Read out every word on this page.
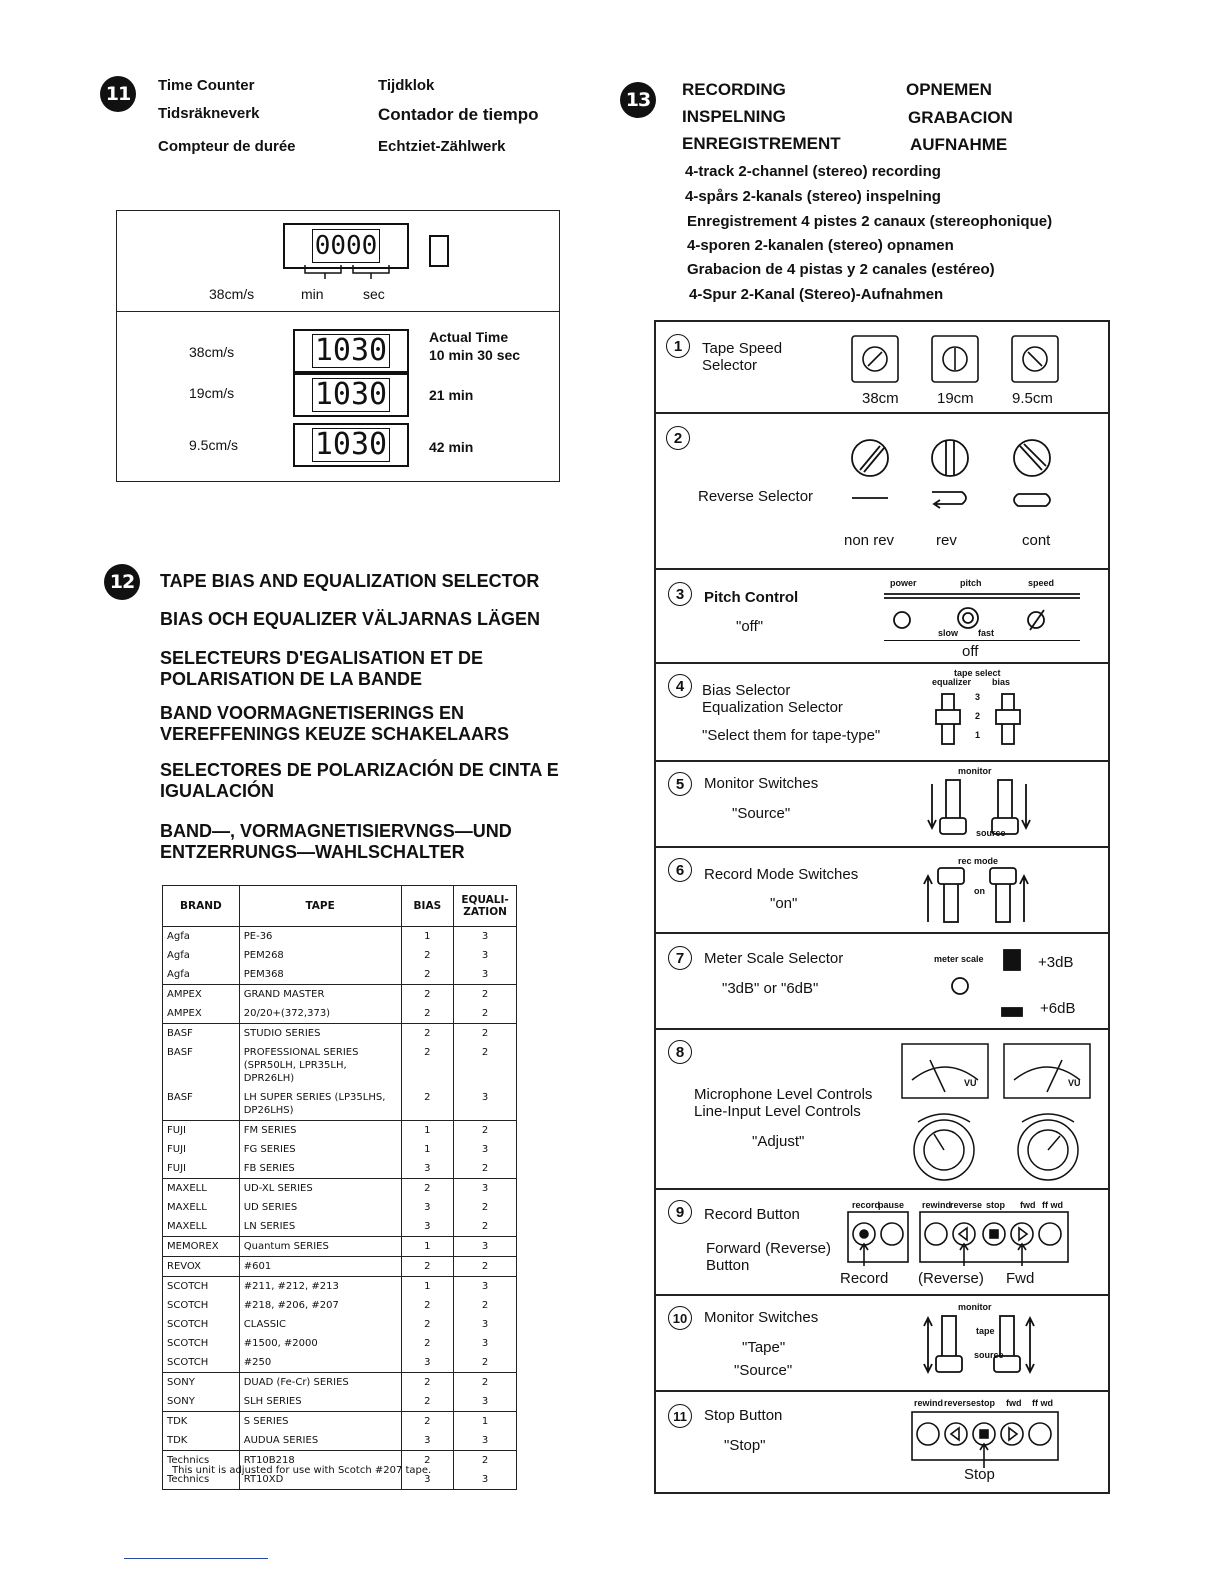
11	Time Counter
Tidsräkneverk
Compteur de durée
Tijdklok
Contador de tiempo
Echtziet-Zählwerk
0000
38cm/s	min	sec
38cm/s	1030	Actual Time
10 min 30 sec
19cm/s	1030	21 min
9.5cm/s	1030	42 min
12	TAPE BIAS AND EQUALIZATION SELECTOR
BIAS OCH EQUALIZER VÄLJARNAS LÄGEN
SELECTEURS D'EGALISATION ET DE POLARISATION DE LA BANDE
BAND VOORMAGNETISERINGS EN VEREFFENINGS KEUZE SCHAKELAARS
SELECTORES DE POLARIZACIÓN DE CINTA E IGUALACIÓN
BAND—, VORMAGNETISIERVNGS—UND ENTZERRUNGS—WAHLSCHALTER
BRAND	TAPE	BIAS	EQUALI-ZATION
Agfa	PE-36	1	3
Agfa	PEM268	2	3
Agfa	PEM368	2	3
AMPEX	GRAND MASTER	2	2
AMPEX	20/20+(372,373)	2	2
BASF	STUDIO SERIES	2	2
BASF	PROFESSIONAL SERIES (SPR50LH, LPR35LH, DPR26LH)	2	2
BASF	LH SUPER SERIES (LP35LHS, DP26LHS)	2	3
FUJI	FM SERIES	1	2
FUJI	FG SERIES	1	3
FUJI	FB SERIES	3	2
MAXELL	UD-XL SERIES	2	3
MAXELL	UD SERIES	3	2
MAXELL	LN SERIES	3	2
MEMOREX	Quantum SERIES	1	3
REVOX	#601	2	2
SCOTCH	#211, #212, #213	1	3
SCOTCH	#218, #206, #207	2	2
SCOTCH	CLASSIC	2	3
SCOTCH	#1500, #2000	2	3
SCOTCH	#250	3	2
SONY	DUAD (Fe-Cr) SERIES	2	2
SONY	SLH SERIES	2	3
TDK	S SERIES	2	1
TDK	AUDUA SERIES	3	3
Technics	RT10B218	2	2
Technics	RT10XD	3	3
This unit is adjusted for use with Scotch #207 tape.
13	RECORDING	OPNEMEN
INSPELNING	GRABACION
ENREGISTREMENT	AUFNAHME
4-track 2-channel (stereo) recording
4-spårs 2-kanals (stereo) inspelning
Enregistrement 4 pistes 2 canaux (stereophonique)
4-sporen 2-kanalen (stereo) opnamen
Grabacion de 4 pistas y 2 canales (estéreo)
4-Spur 2-Kanal (Stereo)-Aufnahmen
1	Tape Speed
Selector
38cm	19cm	9.5cm
2
Reverse Selector
non rev	rev	cont
3	Pitch Control
"off"
power	pitch	speed
slow fast
off
4	Bias Selector
Equalization Selector
"Select them for tape-type"
tape select
equalizer bias
3
2
1
5	Monitor Switches
"Source"
monitor
source
6	Record Mode Switches
"on"
rec mode
on
7	Meter Scale Selector
"3dB" or "6dB"
meter scale	+3dB
+6dB
8
Microphone Level Controls
Line-Input Level Controls
"Adjust"
VU	VU
9	Record Button
Forward (Reverse)
Button
record
pause rewind
reverse stop fwd ff wd
Record (Reverse) Fwd
10	Monitor Switches
"Tape"
"Source"
monitor
tape
source
11	Stop Button
"Stop"
rewind reverse stop fwd ff wd
Stop
